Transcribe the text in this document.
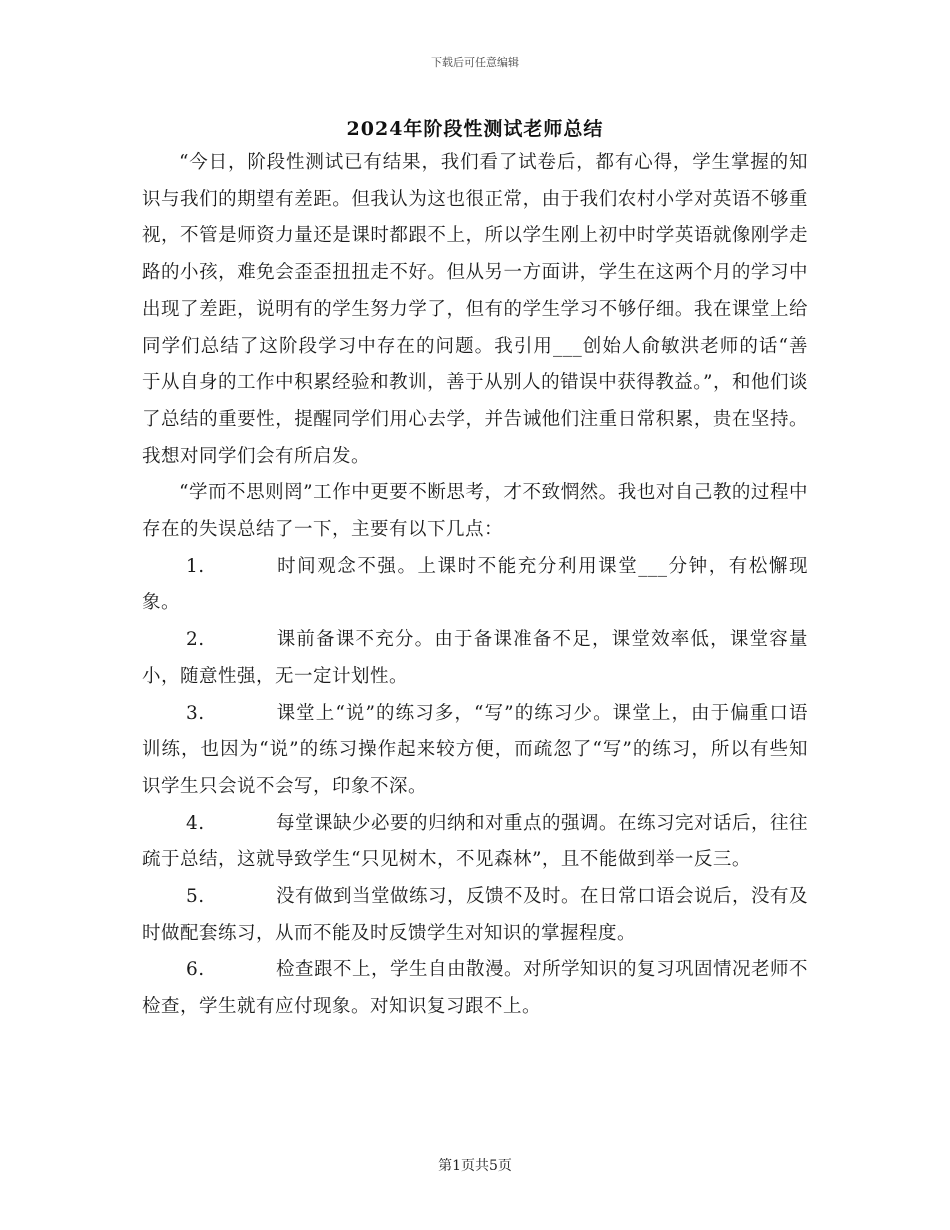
下载后可任意编辑
2024年阶段性测试老师总结

“今日，阶段性测试已有结果，我们看了试卷后，都有心得，学生掌握的知识与我们的期望有差距。但我认为这也很正常，由于我们农村小学对英语不够重视，不管是师资力量还是课时都跟不上，所以学生刚上初中时学英语就像刚学走路的小孩，难免会歪歪扭扭走不好。但从另一方面讲，学生在这两个月的学习中出现了差距，说明有的学生努力学了，但有的学生学习不够仔细。我在课堂上给同学们总结了这阶段学习中存在的问题。我引用___创始人俞敏洪老师的话“善于从自身的工作中积累经验和教训，善于从别人的错误中获得教益。”，和他们谈了总结的重要性，提醒同学们用心去学，并告诫他们注重日常积累，贵在坚持。我想对同学们会有所启发。

“学而不思则罔”工作中更要不断思考，才不致惘然。我也对自己教的过程中存在的失误总结了一下，主要有以下几点：

1.	时间观念不强。上课时不能充分利用课堂___分钟，有松懈现象。

2.	课前备课不充分。由于备课准备不足，课堂效率低，课堂容量小，随意性强，无一定计划性。

3.	课堂上“说”的练习多，“写”的练习少。课堂上，由于偏重口语训练，也因为“说”的练习操作起来较方便，而疏忽了“写”的练习，所以有些知识学生只会说不会写，印象不深。

4.	每堂课缺少必要的归纳和对重点的强调。在练习完对话后，往往疏于总结，这就导致学生“只见树木，不见森林”，且不能做到举一反三。

5.	没有做到当堂做练习，反馈不及时。在日常口语会说后，没有及时做配套练习，从而不能及时反馈学生对知识的掌握程度。

6.	检查跟不上，学生自由散漫。对所学知识的复习巩固情况老师不检查，学生就有应付现象。对知识复习跟不上。

第1页共5页
